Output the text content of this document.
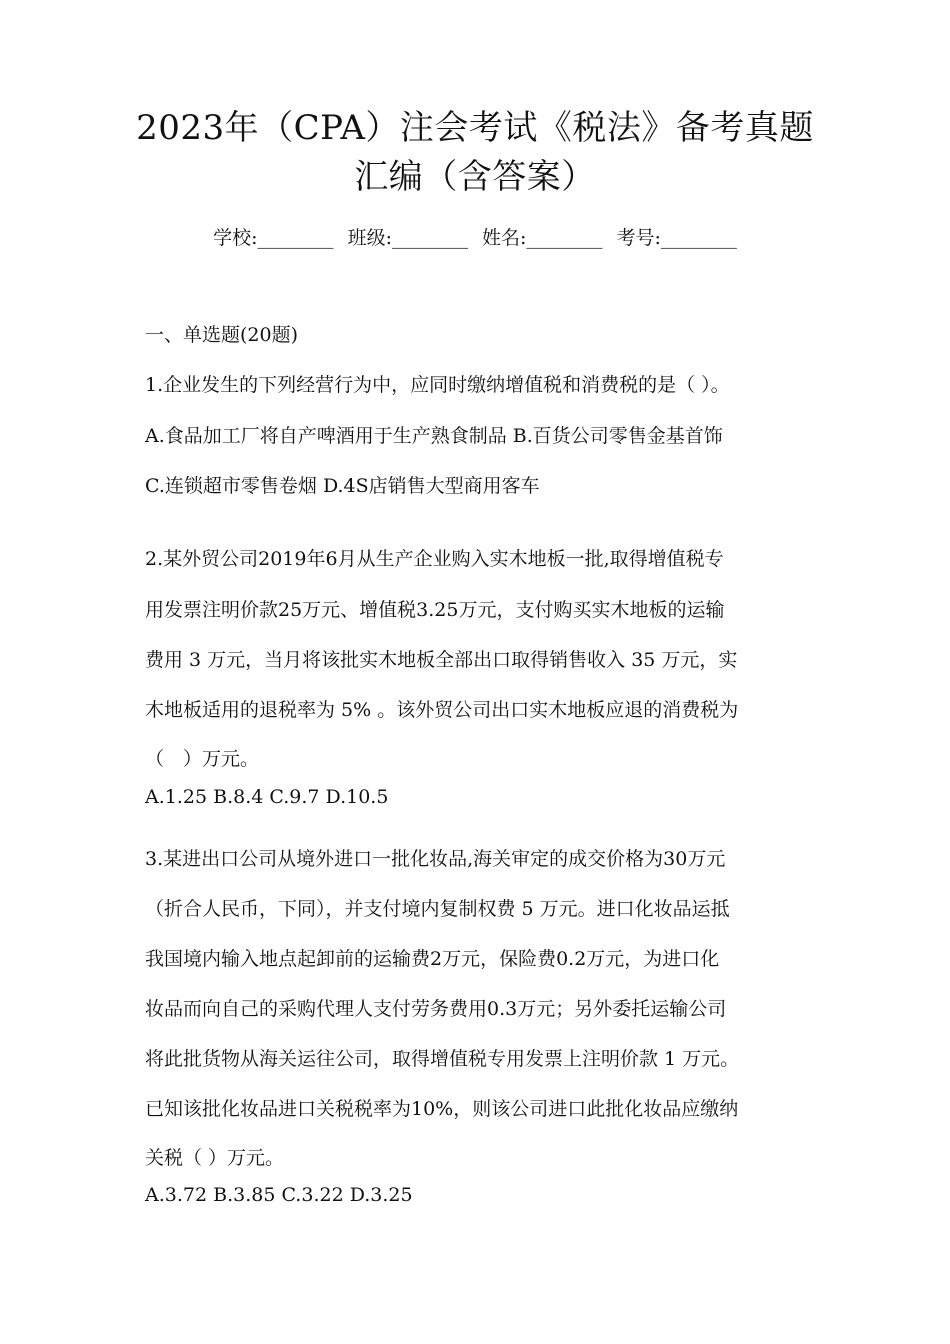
2023年（CPA）注会考试《税法》备考真题
汇编（含答案）
学校:________ 班级:________ 姓名:________ 考号:________
一、单选题(20题)
1.企业发生的下列经营行为中，应同时缴纳增值税和消费税的是（ ）。
A.食品加工厂将自产啤酒用于生产熟食制品 B.百货公司零售金基首饰
C.连锁超市零售卷烟 D.4S店销售大型商用客车
2.某外贸公司2019年6月从生产企业购入实木地板一批,取得增值税专
用发票注明价款25万元、增值税3.25万元，支付购买实木地板的运输
费用 3 万元，当月将该批实木地板全部出口取得销售收入 35 万元，实
木地板适用的退税率为 5% 。该外贸公司出口实木地板应退的消费税为
（　）万元。
A.1.25 B.8.4 C.9.7 D.10.5
3.某进出口公司从境外进口一批化妆品,海关审定的成交价格为30万元
（折合人民币，下同），并支付境内复制权费 5 万元。进口化妆品运抵
我国境内输入地点起卸前的运输费2万元，保险费0.2万元，为进口化
妆品而向自己的采购代理人支付劳务费用0.3万元；另外委托运输公司
将此批货物从海关运往公司，取得增值税专用发票上注明价款 1 万元。
已知该批化妆品进口关税税率为10%，则该公司进口此批化妆品应缴纳
关税（ ）万元。
A.3.72 B.3.85 C.3.22 D.3.25
